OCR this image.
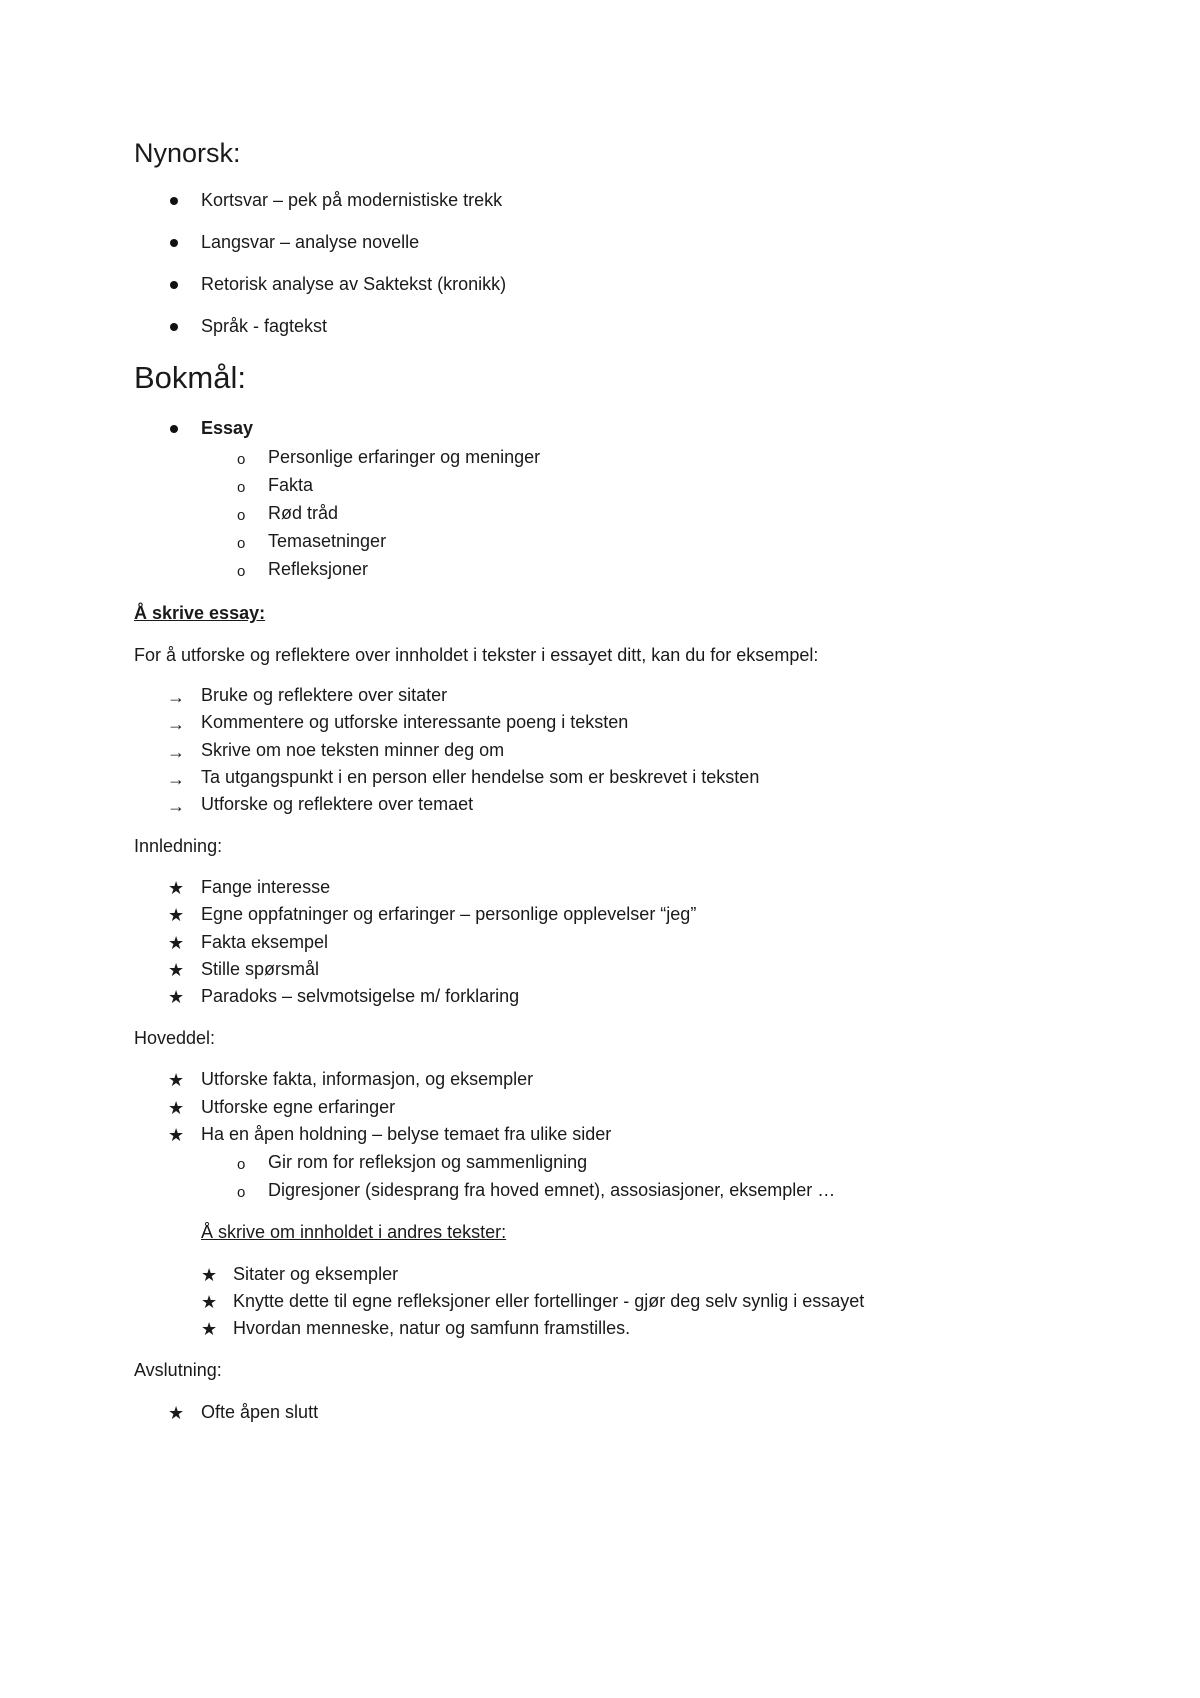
Nynorsk:
Kortsvar – pek på modernistiske trekk
Langsvar – analyse novelle
Retorisk analyse av Saktekst (kronikk)
Språk - fagtekst
Bokmål:
Essay
o Personlige erfaringer og meninger
o Fakta
o Rød tråd
o Temasetninger
o Refleksjoner
Å skrive essay:
For å utforske og reflektere over innholdet i tekster i essayet ditt, kan du for eksempel:
→ Bruke og reflektere over sitater
→ Kommentere og utforske interessante poeng i teksten
→ Skrive om noe teksten minner deg om
→ Ta utgangspunkt i en person eller hendelse som er beskrevet i teksten
→ Utforske og reflektere over temaet
Innledning:
★ Fange interesse
★ Egne oppfatninger og erfaringer – personlige opplevelser “jeg”
★ Fakta eksempel
★ Stille spørsmål
★ Paradoks – selvmotsigelse m/ forklaring
Hoveddel:
★ Utforske fakta, informasjon, og eksempler
★ Utforske egne erfaringer
★ Ha en åpen holdning – belyse temaet fra ulike sider
o Gir rom for refleksjon og sammenligning
o Digresjoner (sidesprang fra hoved emnet), assosiasjoner, eksempler …
Å skrive om innholdet i andres tekster:
★ Sitater og eksempler
★ Knytte dette til egne refleksjoner eller fortellinger - gjør deg selv synlig i essayet
★ Hvordan menneske, natur og samfunn framstilles.
Avslutning:
★ Ofte åpen slutt
